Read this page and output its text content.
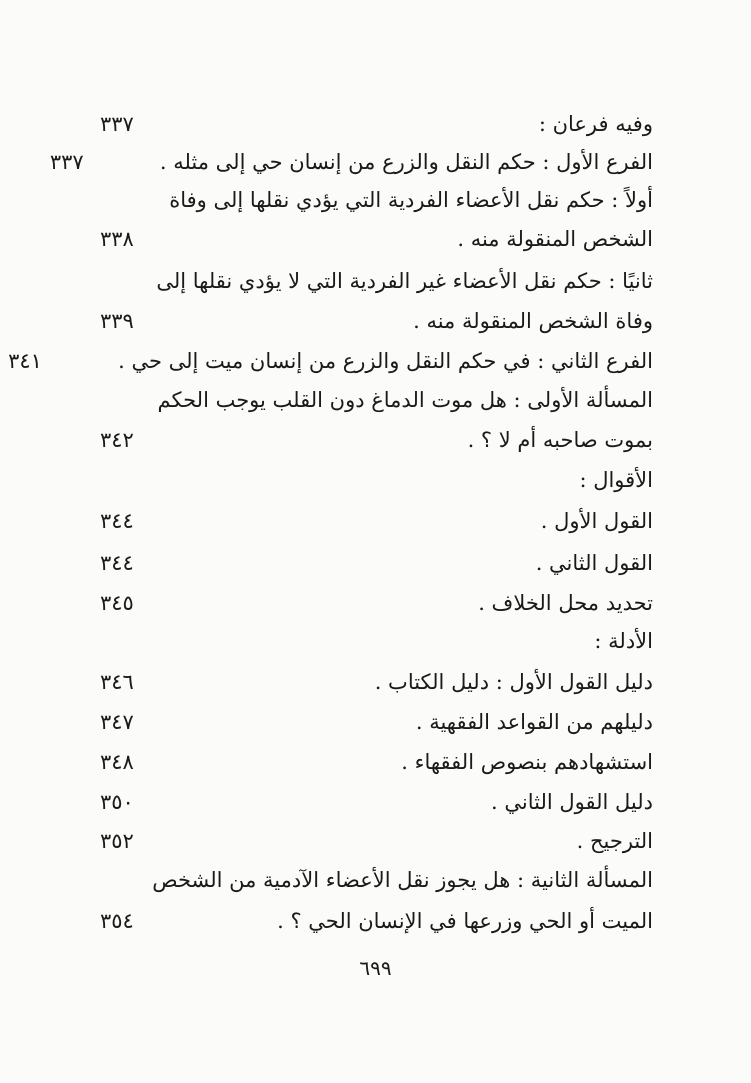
وفيه فرعان :
٣٣٧
الفرع الأول : حكم النقل والزرع من إنسان حي إلى مثله .
٣٣٧
أولاً : حكم نقل الأعضاء الفردية التي يؤدي نقلها إلى وفاة
الشخص المنقولة منه .
٣٣٨
ثانيًا : حكم نقل الأعضاء غير الفردية التي لا يؤدي نقلها إلى
وفاة الشخص المنقولة منه .
٣٣٩
الفرع الثاني : في حكم النقل والزرع من إنسان ميت إلى حي .
٣٤١
المسألة الأولى : هل موت الدماغ دون القلب يوجب الحكم
بموت صاحبه أم لا ؟ .
٣٤٢
الأقوال :
القول الأول .
٣٤٤
القول الثاني .
٣٤٤
تحديد محل الخلاف .
٣٤٥
الأدلة :
دليل القول الأول : دليل الكتاب .
٣٤٦
دليلهم من القواعد الفقهية .
٣٤٧
استشهادهم بنصوص الفقهاء .
٣٤٨
دليل القول الثاني .
٣٥٠
الترجيح .
٣٥٢
المسألة الثانية : هل يجوز نقل الأعضاء الآدمية من الشخص
الميت أو الحي وزرعها في الإنسان الحي ؟ .
٣٥٤
٦٩٩
